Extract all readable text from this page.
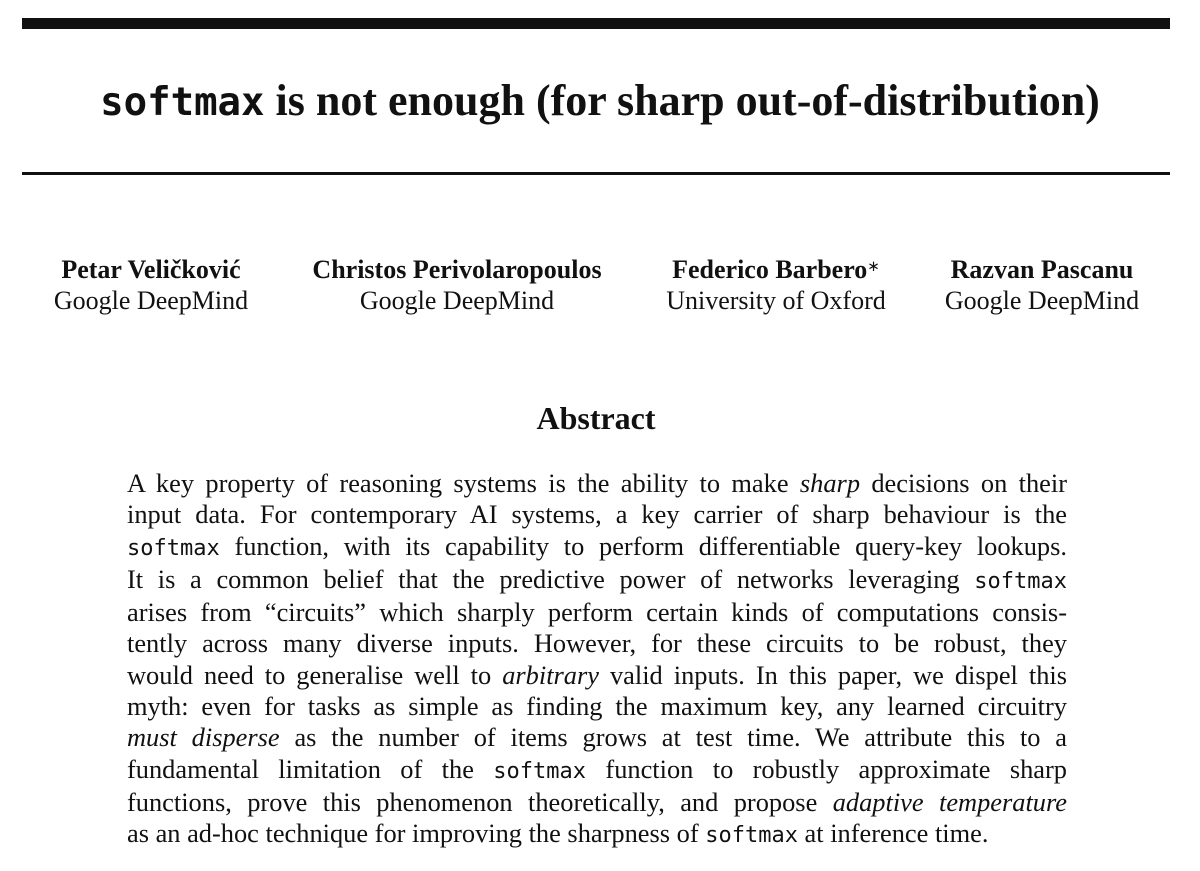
softmax is not enough (for sharp out-of-distribution)
Petar Veličković
Google DeepMind
Christos Perivolaropoulos
Google DeepMind
Federico Barbero∗
University of Oxford
Razvan Pascanu
Google DeepMind
Abstract
A key property of reasoning systems is the ability to make sharp decisions on their
input data. For contemporary AI systems, a key carrier of sharp behaviour is the
softmax function, with its capability to perform differentiable query-key lookups.
It is a common belief that the predictive power of networks leveraging softmax
arises from “circuits” which sharply perform certain kinds of computations consis-
tently across many diverse inputs. However, for these circuits to be robust, they
would need to generalise well to arbitrary valid inputs. In this paper, we dispel this
myth: even for tasks as simple as finding the maximum key, any learned circuitry
must disperse as the number of items grows at test time. We attribute this to a
fundamental limitation of the softmax function to robustly approximate sharp
functions, prove this phenomenon theoretically, and propose adaptive temperature
as an ad-hoc technique for improving the sharpness of softmax at inference time.
